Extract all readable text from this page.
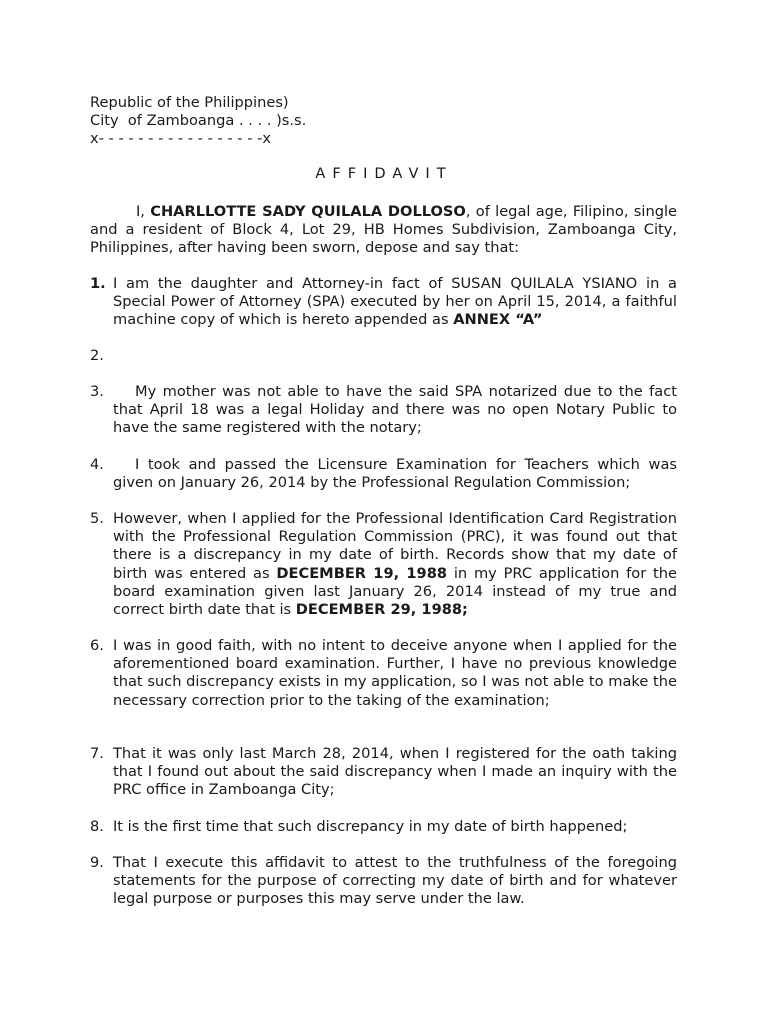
Republic of the Philippines)
City  of Zamboanga . . . . )s.s.
x- - - - - - - - - - - - - - - - -x
AFFIDAVIT
I, CHARLLOTTE SADY QUILALA DOLLOSO, of legal age, Filipino, single and a resident of Block 4, Lot 29, HB Homes Subdivision, Zamboanga City, Philippines, after having been sworn, depose and say that:
1. I am the daughter and Attorney-in fact of SUSAN QUILALA YSIANO in a Special Power of Attorney (SPA) executed by her on April 15, 2014, a faithful machine copy of which is hereto appended as ANNEX “A”
2.
3.	My mother was not able to have the said SPA notarized due to the fact that April 18 was a legal Holiday and there was no open Notary Public to have the same registered with the notary;
4.	I took and passed the Licensure Examination for Teachers which was given on January 26, 2014 by the Professional Regulation Commission;
5. However, when I applied for the Professional Identification Card Registration with the Professional Regulation Commission (PRC), it was found out that there is a discrepancy in my date of birth. Records show that my date of birth was entered as DECEMBER 19, 1988 in my PRC application for the board examination given last January 26, 2014 instead of my true and correct birth date that is DECEMBER 29, 1988;
6. I was in good faith, with no intent to deceive anyone when I applied for the aforementioned board examination. Further, I have no previous knowledge that such discrepancy exists in my application, so I was not able to make the necessary correction prior to the taking of the examination;
7. That it was only last March 28, 2014, when I registered for the oath taking that I found out about the said discrepancy when I made an inquiry with the PRC office in Zamboanga City;
8. It is the first time that such discrepancy in my date of birth happened;
9. That I execute this affidavit to attest to the truthfulness of the foregoing statements for the purpose of correcting my date of birth and for whatever legal purpose or purposes this may serve under the law.
